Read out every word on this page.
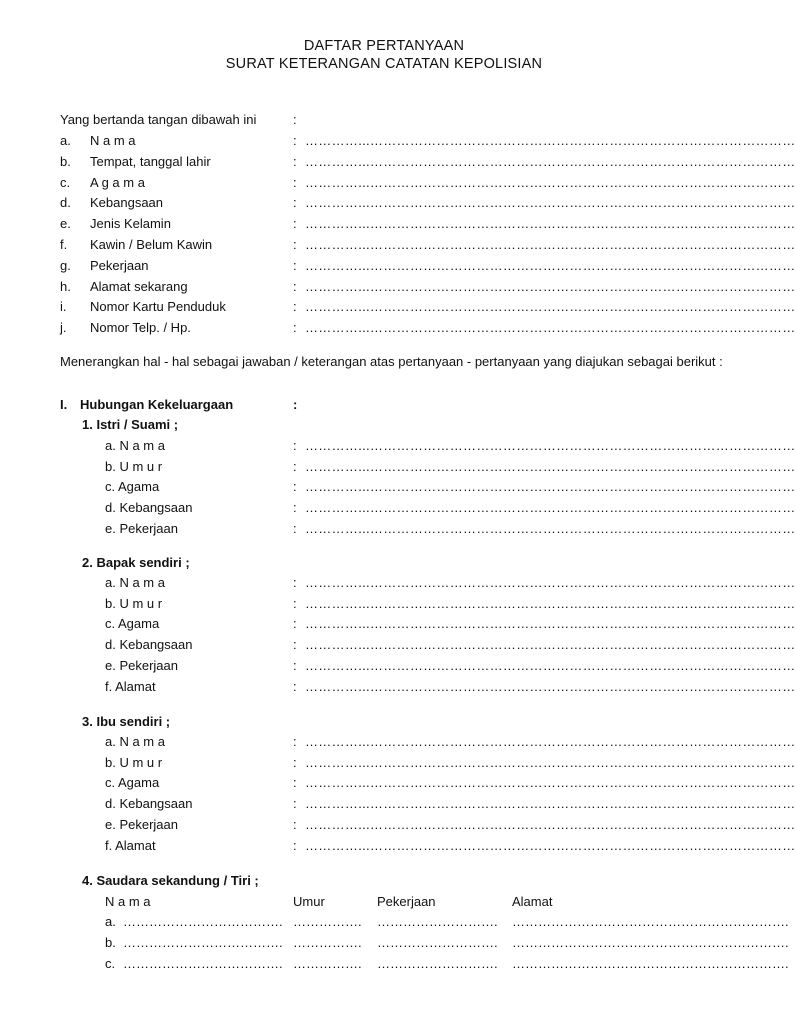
DAFTAR PERTANYAAN
SURAT KETERANGAN CATATAN KEPOLISIAN
Yang bertanda tangan dibawah ini	:
a. N a m a	: …………...……………………………………………………………………………………
b. Tempat, tanggal lahir	: …………...……………………………………………………………………………………
c. A g a m a	: …………...……………………………………………………………………………………
d. Kebangsaan	: …………...……………………………………………………………………………………
e. Jenis Kelamin	: …………...……………………………………………………………………………………
f. Kawin / Belum Kawin	: …………...……………………………………………………………………………………
g. Pekerjaan	: …………...……………………………………………………………………………………
h. Alamat sekarang	: …………...……………………………………………………………………………………
i. Nomor Kartu Penduduk	: …………...……………………………………………………………………………………
j. Nomor Telp. / Hp.	: …………...……………………………………………………………………………………
Menerangkan hal - hal sebagai jawaban / keterangan atas pertanyaan - pertanyaan yang diajukan sebagai berikut :
I. Hubungan Kekeluargaan	:
1. Istri / Suami ;
a. N a m a	: …………...……………………………………………………………………………………
b. U m u r	: …………...……………………………………………………………………………………
c. Agama	: …………...……………………………………………………………………………………
d. Kebangsaan	: …………...……………………………………………………………………………………
e. Pekerjaan	: …………...……………………………………………………………………………………
2. Bapak sendiri ;
a. N a m a	: …………...……………………………………………………………………………………
b. U m u r	: …………...……………………………………………………………………………………
c. Agama	: …………...……………………………………………………………………………………
d. Kebangsaan	: …………...……………………………………………………………………………………
e. Pekerjaan	: …………...……………………………………………………………………………………
f. Alamat	: …………...……………………………………………………………………………………
3. Ibu sendiri ;
a. N a m a	: …………...……………………………………………………………………………………
b. U m u r	: …………...……………………………………………………………………………………
c. Agama	: …………...……………………………………………………………………………………
d. Kebangsaan	: …………...……………………………………………………………………………………
e. Pekerjaan	: …………...……………………………………………………………………………………
f. Alamat	: …………...……………………………………………………………………………………
4. Saudara sekandung / Tiri ;
N a m a	Umur	Pekerjaan	Alamat
a. ………………………………. ……………. ………………………. ……………………………………………………….
b. ………………………………. ……………. ………………………. ……………………………………………………….
c. ………………………………. ……………. ………………………. ……………………………………………………….
